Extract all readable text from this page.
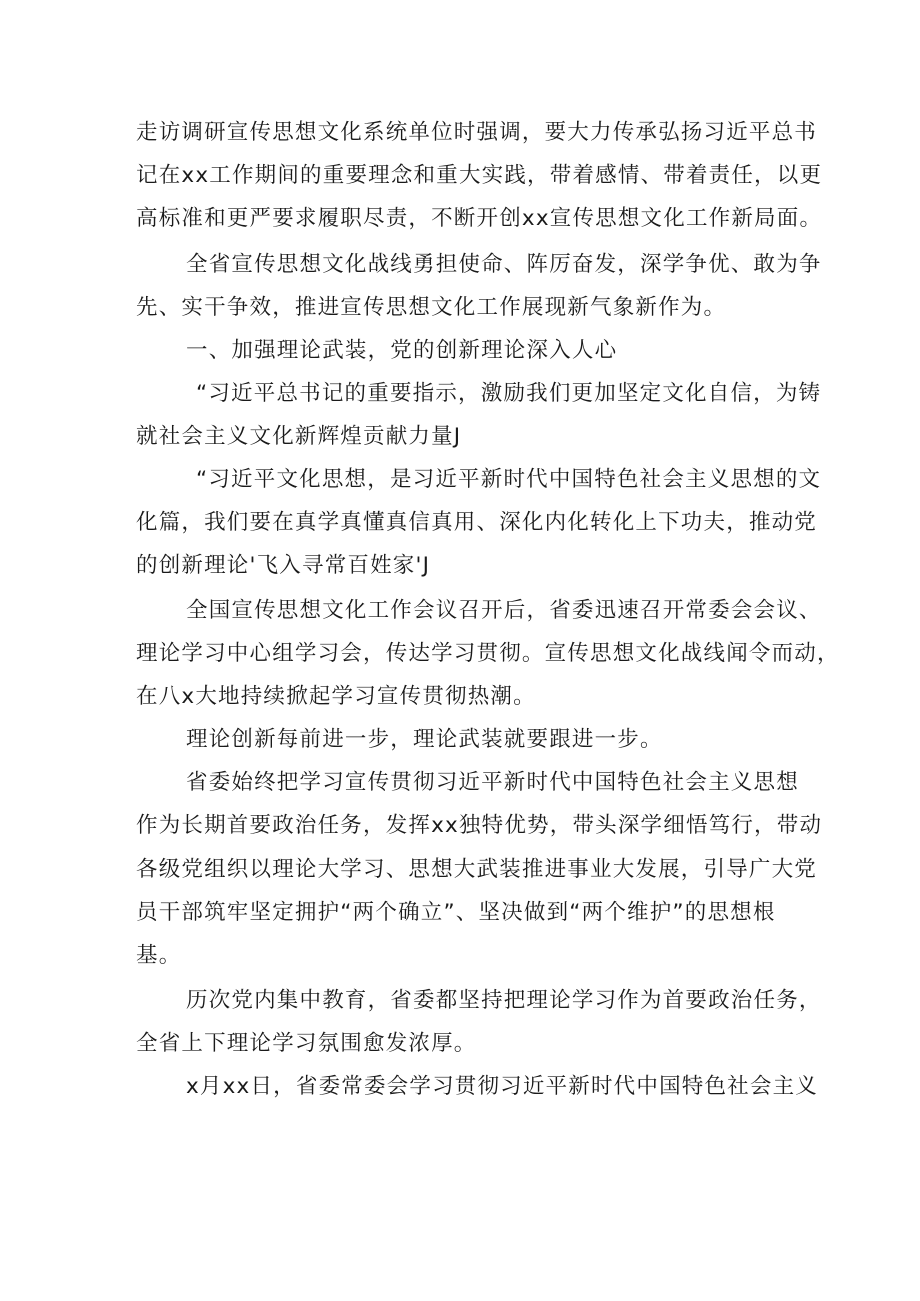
走访调研宣传思想文化系统单位时强调，要大力传承弘扬习近平总书
记在xx工作期间的重要理念和重大实践，带着感情、带着责任，以更
高标准和更严要求履职尽责，不断开创xx宣传思想文化工作新局面。
全省宣传思想文化战线勇担使命、阵厉奋发，深学争优、敢为争
先、实干争效，推进宣传思想文化工作展现新气象新作为。
一、加强理论武装，党的创新理论深入人心
“习近平总书记的重要指示，激励我们更加坚定文化自信，为铸
就社会主义文化新辉煌贡献力量J
“习近平文化思想，是习近平新时代中国特色社会主义思想的文
化篇，我们要在真学真懂真信真用、深化内化转化上下功夫，推动党
的创新理论'飞入寻常百姓家'J
全国宣传思想文化工作会议召开后，省委迅速召开常委会会议、
理论学习中心组学习会，传达学习贯彻。宣传思想文化战线闻令而动，
在八x大地持续掀起学习宣传贯彻热潮。
理论创新每前进一步，理论武装就要跟进一步。
省委始终把学习宣传贯彻习近平新时代中国特色社会主义思想
作为长期首要政治任务，发挥xx独特优势，带头深学细悟笃行，带动
各级党组织以理论大学习、思想大武装推进事业大发展，引导广大党
员干部筑牢坚定拥护“两个确立”、坚决做到“两个维护”的思想根
基。
历次党内集中教育，省委都坚持把理论学习作为首要政治任务，
全省上下理论学习氛围愈发浓厚。
x月xx日，省委常委会学习贯彻习近平新时代中国特色社会主义
